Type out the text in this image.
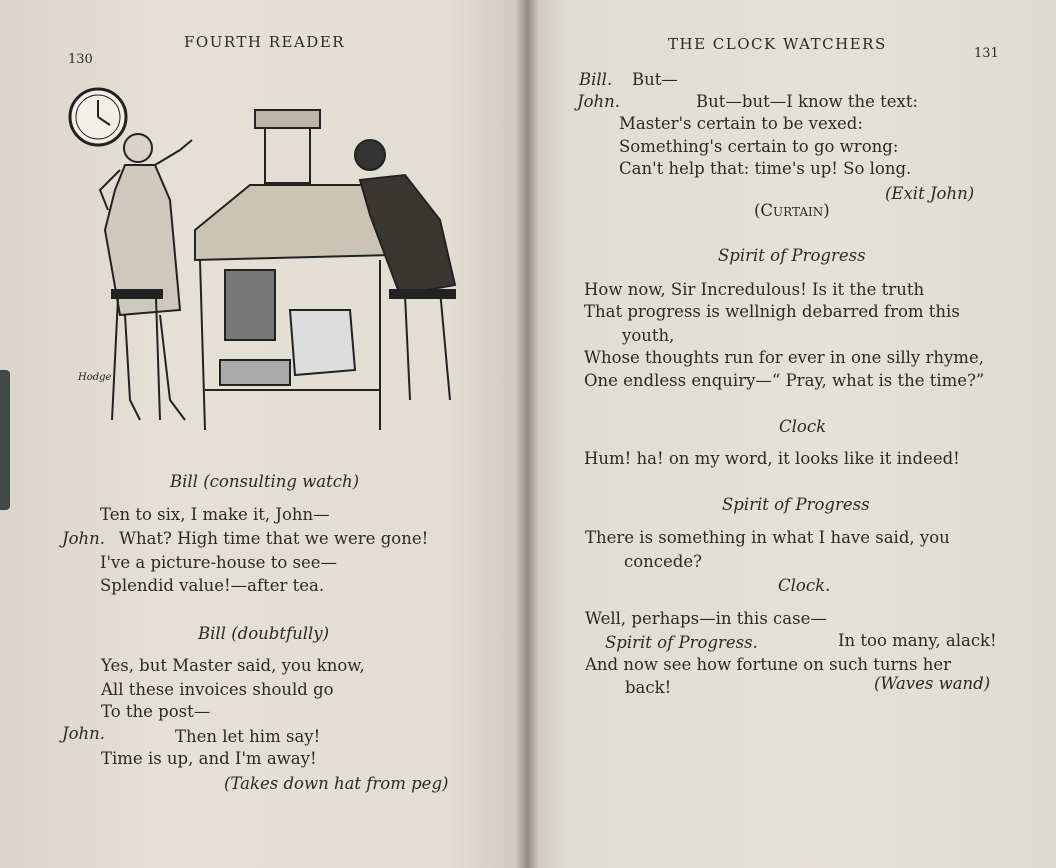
130
FOURTH READER
Hodge
Bill (consulting watch)
Ten to six, I make it, John—
John. What? High time that we were gone!
I've a picture-house to see—
Splendid value!—after tea.
Bill (doubtfully)
Yes, but Master said, you know,
All these invoices should go
To the post—
John.	Then let him say!
Time is up, and I'm away!
(Takes down hat from peg)
THE CLOCK WATCHERS
131
Bill. But—
John.	But—but—I know the text:
Master's certain to be vexed:
Something's certain to go wrong:
Can't help that: time's up! So long.
(Exit John)
(Curtain)
Spirit of Progress
How now, Sir Incredulous! Is it the truth
That progress is wellnigh debarred from this
youth,
Whose thoughts run for ever in one silly rhyme,
One endless enquiry—“ Pray, what is the time?”
Clock
Hum! ha! on my word, it looks like it indeed!
Spirit of Progress
There is something in what I have said, you
concede?
Clock.
Well, perhaps—in this case—
Spirit of Progress.	In too many, alack!
And now see how fortune on such turns her
back!	(Waves wand)
